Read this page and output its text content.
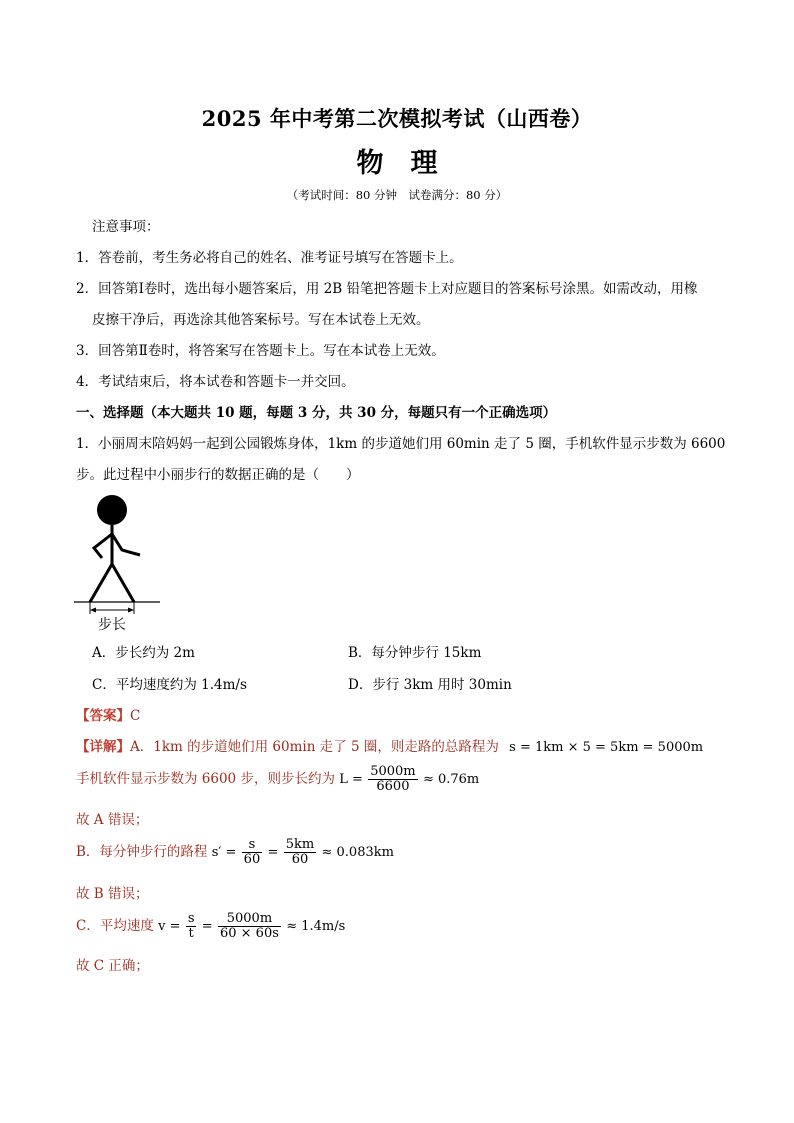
2025 年中考第二次模拟考试（山西卷）
物　理
（考试时间：80 分钟　试卷满分：80 分）
注意事项：
1．答卷前，考生务必将自己的姓名、准考证号填写在答题卡上。
2．回答第Ⅰ卷时，选出每小题答案后，用 2B 铅笔把答题卡上对应题目的答案标号涂黑。如需改动，用橡
皮擦干净后，再选涂其他答案标号。写在本试卷上无效。
3．回答第Ⅱ卷时，将答案写在答题卡上。写在本试卷上无效。
4．考试结束后，将本试卷和答题卡一并交回。
一、选择题（本大题共 10 题，每题 3 分，共 30 分，每题只有一个正确选项）
1．小丽周末陪妈妈一起到公园锻炼身体，1km 的步道她们用 60min 走了 5 圈，手机软件显示步数为 6600
步。此过程中小丽步行的数据正确的是（　　）
步长
A．步长约为 2m	B．每分钟步行 15km
C．平均速度约为 1.4m/s	D．步行 3km 用时 30min
【答案】C
【详解】A．1km 的步道她们用 60min 走了 5 圈，则走路的总路程为 s = 1km × 5 = 5km = 5000m
手机软件显示步数为 6600 步，则步长约为 $L = \frac{5000m}{6600} \approx 0.76m$
故 A 错误；
B．每分钟步行的路程 $s' = \frac{s}{60} = \frac{5km}{60} \approx 0.083km$
故 B 错误；
C．平均速度 $v = \frac{s}{t} = \frac{5000m}{60 \times 60s} \approx 1.4m/s$
故 C 正确；
